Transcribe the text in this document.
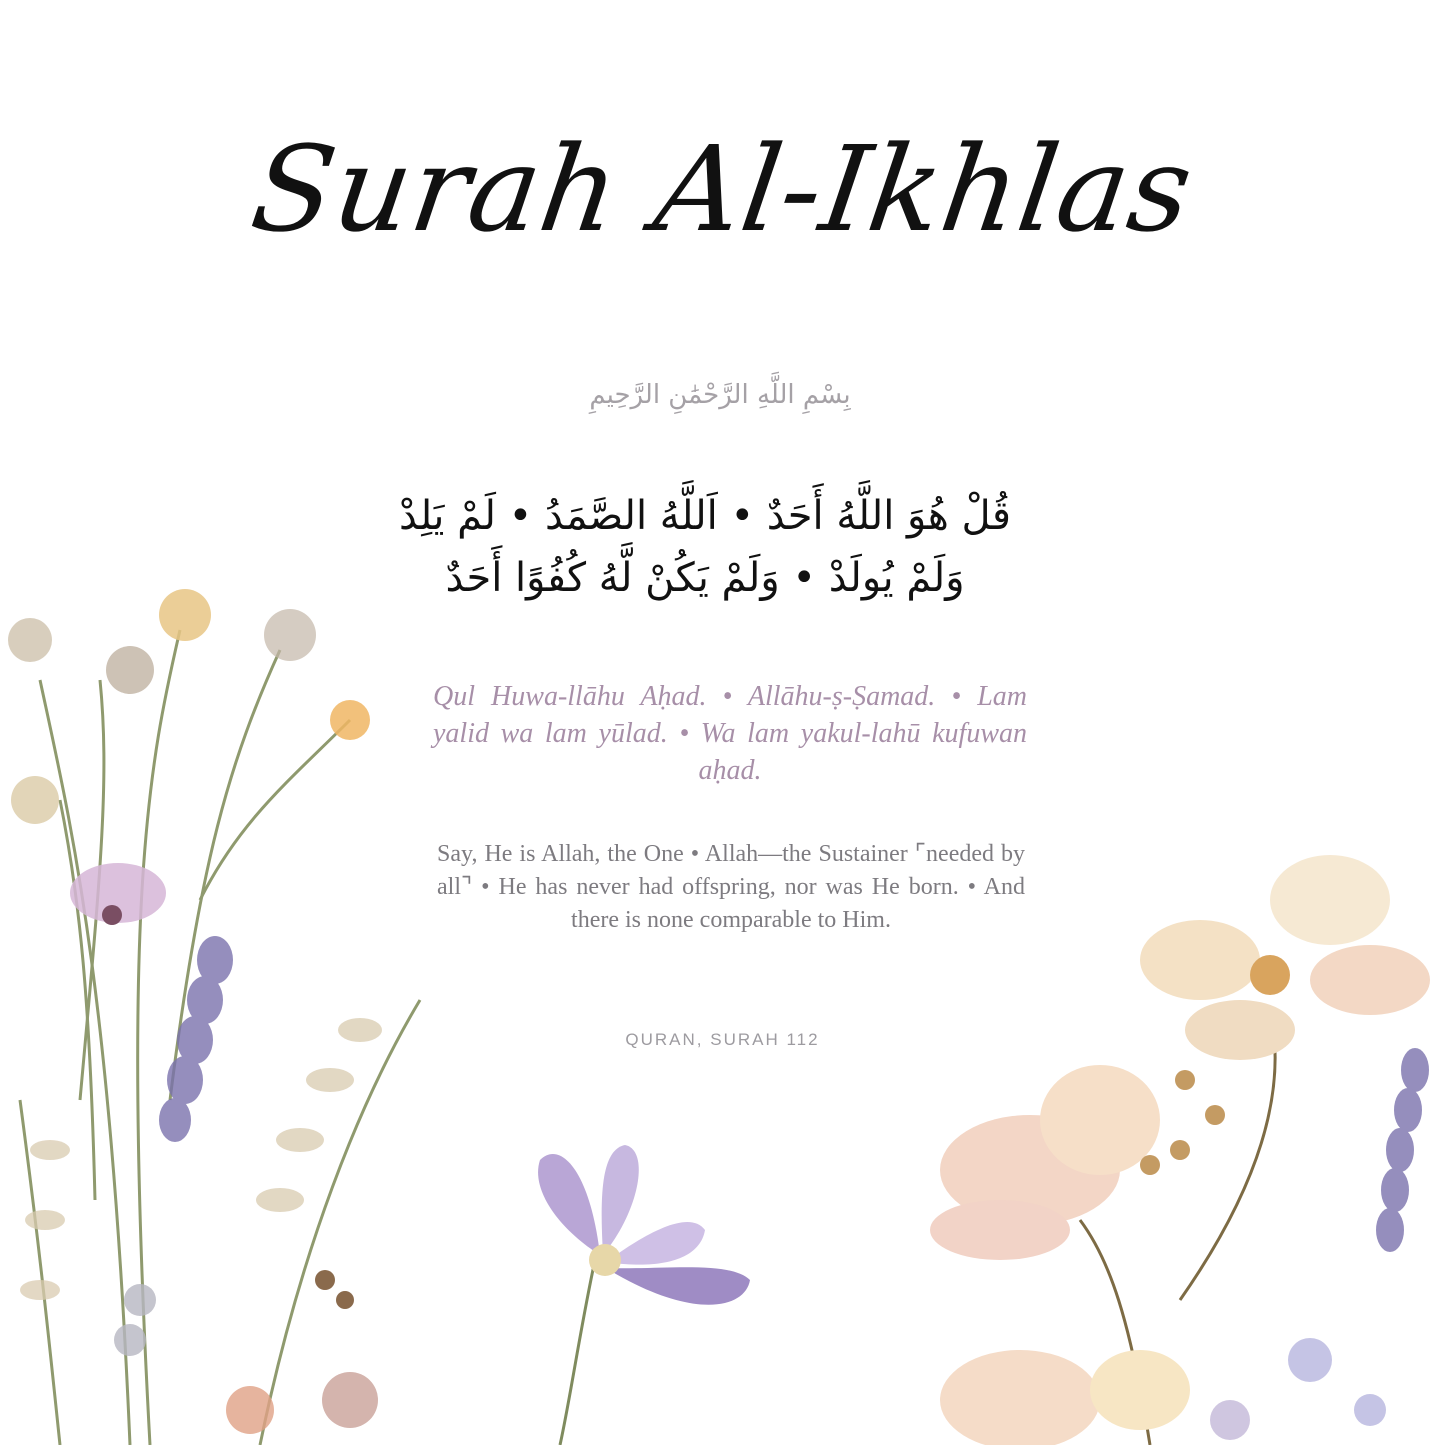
Surah Al-Ikhlas
بِسْمِ اللَّهِ الرَّحْمَٰنِ الرَّحِيمِ
قُلْ هُوَ اللَّهُ أَحَدٌ • اَللَّهُ الصَّمَدُ • لَمْ يَلِدْ وَلَمْ يُولَدْ • وَلَمْ يَكُنْ لَّهُ كُفُوًا أَحَدٌ
Qul Huwa-llāhu Aḥad. • Allāhu-ṣ-Ṣamad. • Lam yalid wa lam yūlad. • Wa lam yakul-lahū kufuwan aḥad.
Say, He is Allah, the One • Allah—the Sustainer ⌜needed by all⌝ • He has never had offspring, nor was He born. • And there is none comparable to Him.
QURAN, SURAH 112
